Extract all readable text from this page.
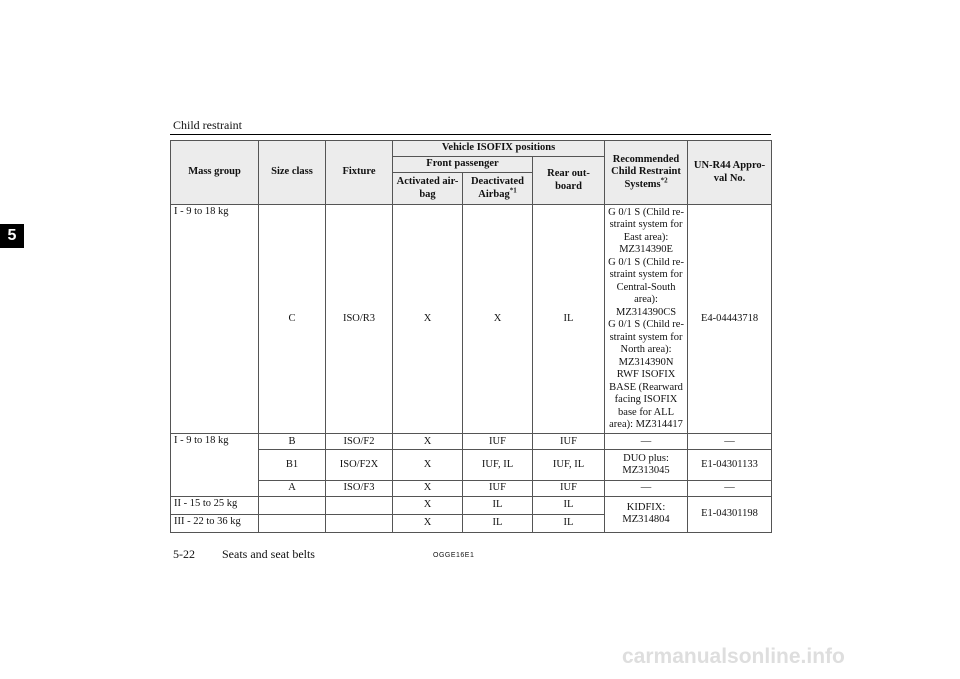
Child restraint
5
Mass group	Size class	Fixture	Vehicle ISOFIX positions			Recommended Child Restraint Systems$^{*2}$	UN-R44 Appro-val No.
			Front passenger		Rear out-board		
			Activated air-bag	Deactivated Airbag$^{*1}$
I - 9 to 18 kg	C	ISO/R3	X	X	IL	G 0/1 S (Child re-straint system for East area): MZ314390E
G 0/1 S (Child re-straint system for Central-South area): MZ314390CS
G 0/1 S (Child re-straint system for North area): MZ314390N
RWF ISOFIX BASE (Rearward facing ISOFIX base for ALL area): MZ314417	E4-04443718
I - 9 to 18 kg	B	ISO/F2	X	IUF	IUF	—	—
	B1	ISO/F2X	X	IUF, IL	IUF, IL	DUO plus: MZ313045	E1-04301133
	A	ISO/F3	X	IUF	IUF	—	—
II - 15 to 25 kg			X	IL	IL	KIDFIX: MZ314804	E1-04301198
III - 22 to 36 kg			X	IL	IL		
5-22 Seats and seat belts	OGGE16E1
carmanualsonline.info
